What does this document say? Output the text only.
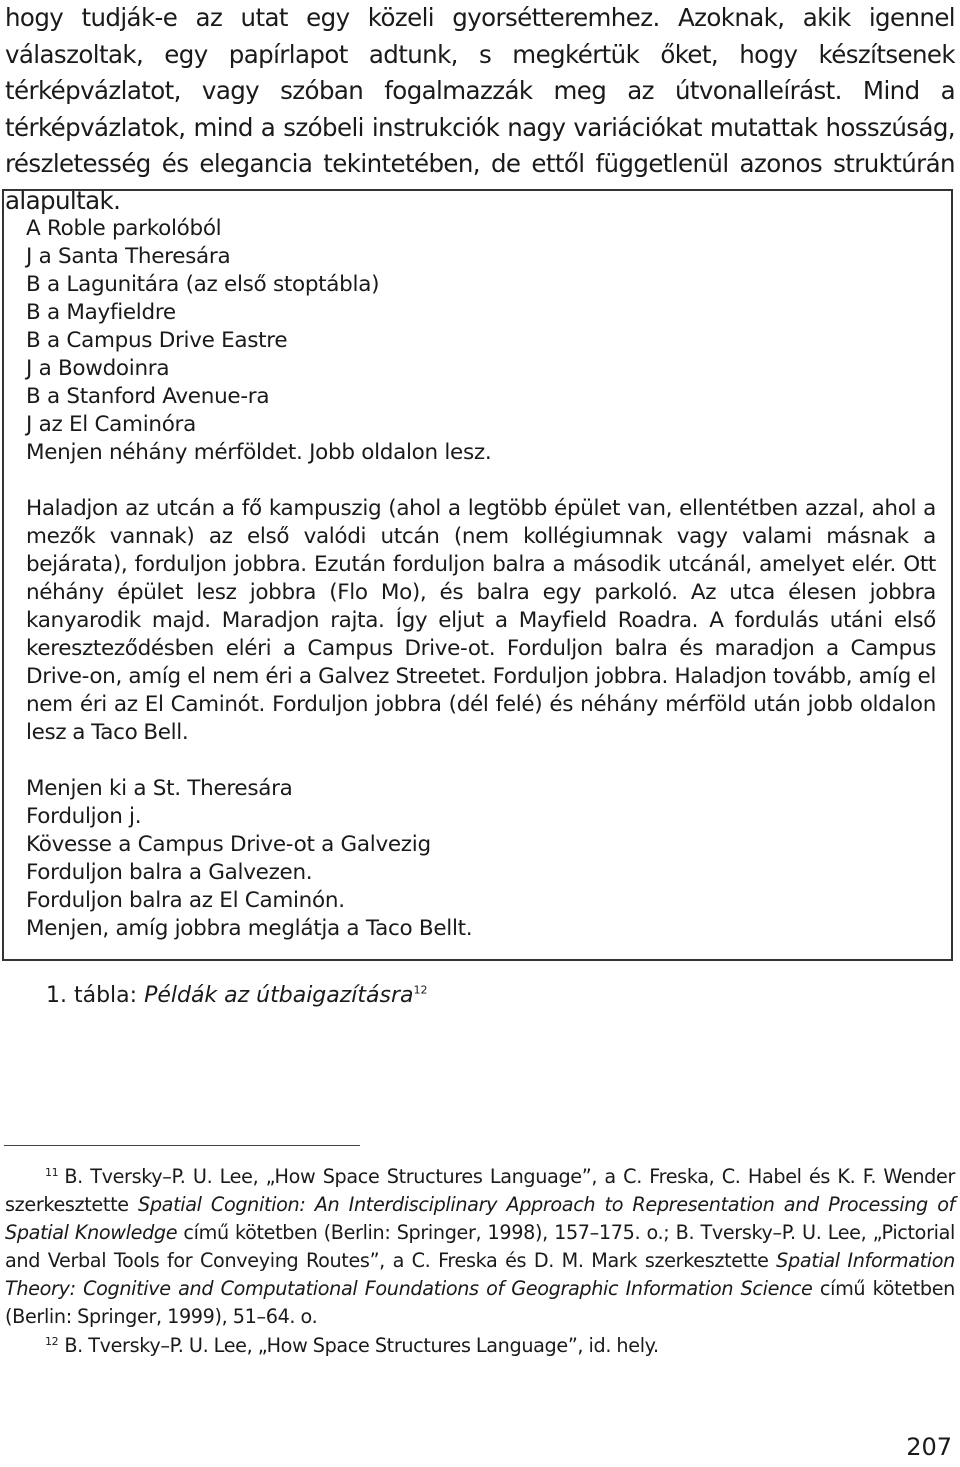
hogy tudják-e az utat egy közeli gyorsétteremhez. Azoknak, akik igennel válaszoltak, egy papírlapot adtunk, s megkértük őket, hogy készítsenek térképvázlatot, vagy szóban fogalmazzák meg az útvonalleírást. Mind a térképvázlatok, mind a szóbeli instrukciók nagy variációkat mutattak hosszúság, részletesség és elegancia tekintetében, de ettől függetlenül azonos struktúrán alapultak.

A Roble parkolóból
J a Santa Theresára
B a Lagunitára (az első stoptábla)
B a Mayfieldre
B a Campus Drive Eastre
J a Bowdoinra
B a Stanford Avenue-ra
J az El Caminóra
Menjen néhány mérföldet. Jobb oldalon lesz.

Haladjon az utcán a fő kampuszig (ahol a legtöbb épület van, ellentétben azzal, ahol a mezők vannak) az első valódi utcán (nem kollégiumnak vagy valami másnak a bejárata), forduljon jobbra. Ezután forduljon balra a második utcánál, amelyet elér. Ott néhány épület lesz jobbra (Flo Mo), és balra egy parkoló. Az utca élesen jobbra kanyarodik majd. Maradjon rajta. Így eljut a Mayfield Roadra. A fordulás utáni első kereszteződésben eléri a Campus Drive-ot. Forduljon balra és maradjon a Campus Drive-on, amíg el nem éri a Galvez Streetet. Forduljon jobbra. Haladjon tovább, amíg el nem éri az El Caminót. Forduljon jobbra (dél felé) és néhány mérföld után jobb oldalon lesz a Taco Bell.

Menjen ki a St. Theresára
Forduljon j.
Kövesse a Campus Drive-ot a Galvezig
Forduljon balra a Galvezen.
Forduljon balra az El Caminón.
Menjen, amíg jobbra meglátja a Taco Bellt.

1. tábla: Példák az útbaigazításra$^{12}$

$^{11}$ B. Tversky–P. U. Lee, „How Space Structures Language”, a C. Freska, C. Habel és K. F. Wender szerkesztette Spatial Cognition: An Interdisciplinary Approach to Representation and Processing of Spatial Knowledge című kötetben (Berlin: Springer, 1998), 157–175. o.; B. Tversky–P. U. Lee, „Pictorial and Verbal Tools for Conveying Routes”, a C. Freska és D. M. Mark szerkesztette Spatial Information Theory: Cognitive and Computational Foundations of Geographic Information Science című kötetben (Berlin: Springer, 1999), 51–64. o.

$^{12}$ B. Tversky–P. U. Lee, „How Space Structures Language”, id. hely.

207
